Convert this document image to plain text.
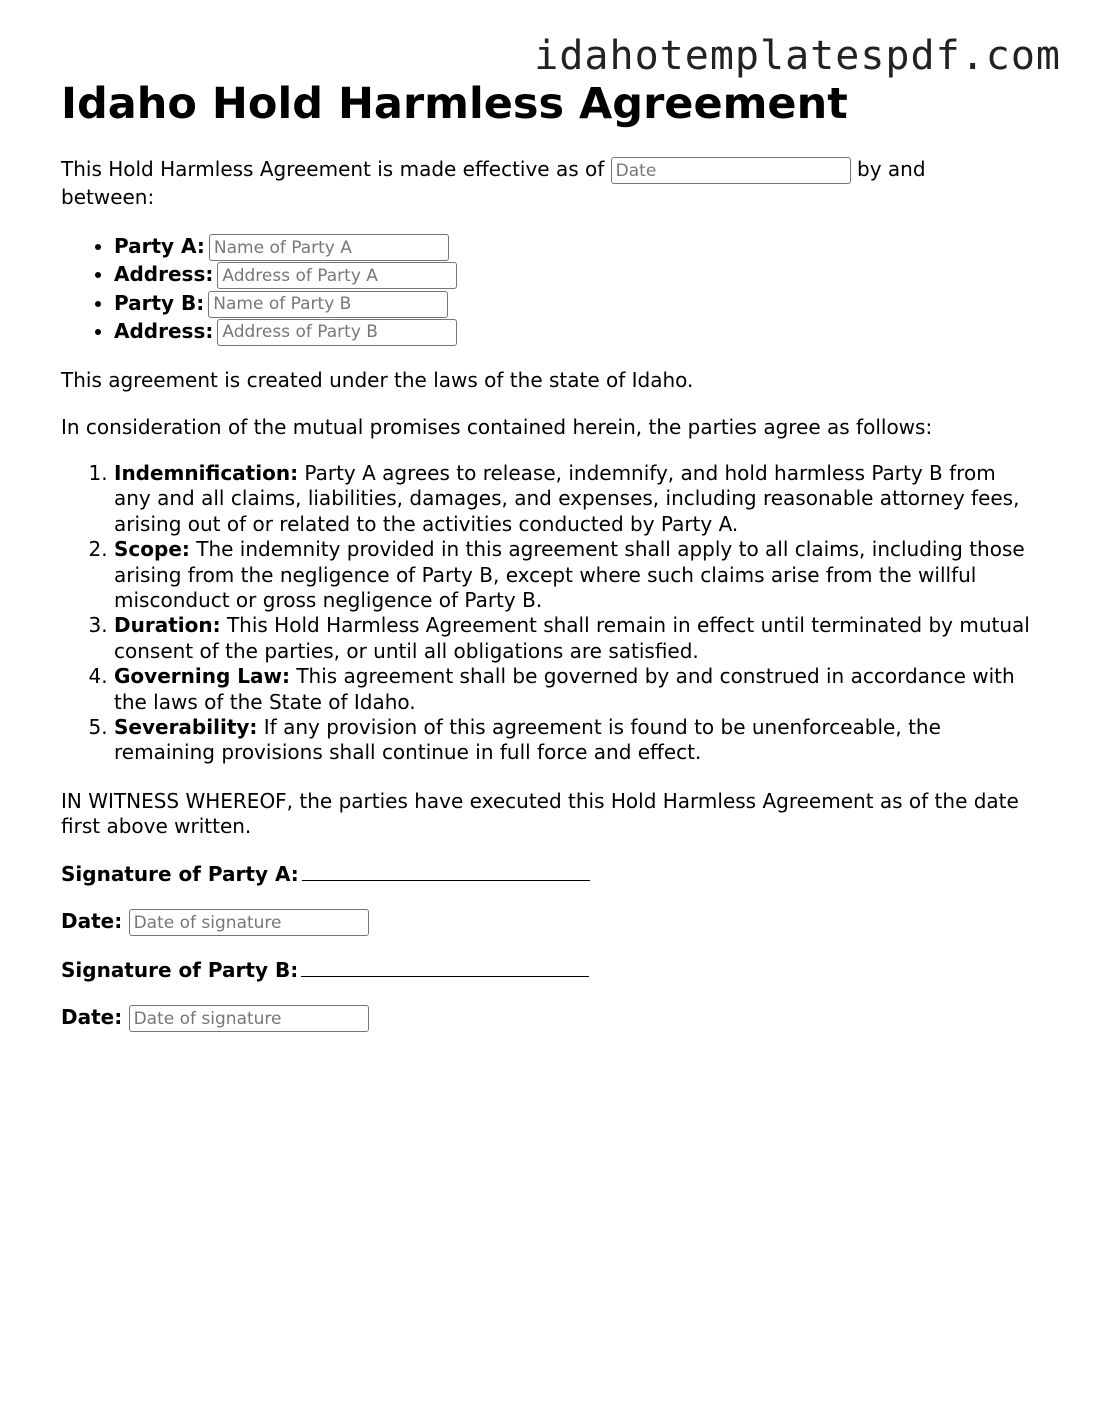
idahotemplatespdf.com
Idaho Hold Harmless Agreement
This Hold Harmless Agreement is made effective as of Date	by and between:
• Party A:Name of Party A
• Address:Address of Party A
• Party B:Name of Party B
• Address:Address of Party B
This agreement is created under the laws of the state of Idaho.
In consideration of the mutual promises contained herein, the parties agree as follows:
1. Indemnification: Party A agrees to release, indemnify, and hold harmless Party B from any and all claims, liabilities, damages, and expenses, including reasonable attorney fees, arising out of or related to the activities conducted by Party A.
2. Scope: The indemnity provided in this agreement shall apply to all claims, including those arising from the negligence of Party B, except where such claims arise from the willful misconduct or gross negligence of Party B.
3. Duration: This Hold Harmless Agreement shall remain in effect until terminated by mutual consent of the parties, or until all obligations are satisfied.
4. Governing Law: This agreement shall be governed by and construed in accordance with the laws of the State of Idaho.
5. Severability: If any provision of this agreement is found to be unenforceable, the remaining provisions shall continue in full force and effect.
IN WITNESS WHEREOF, the parties have executed this Hold Harmless Agreement as of the date first above written.
Signature of Party A:
Date: Date of signature
Signature of Party B:
Date: Date of signature
